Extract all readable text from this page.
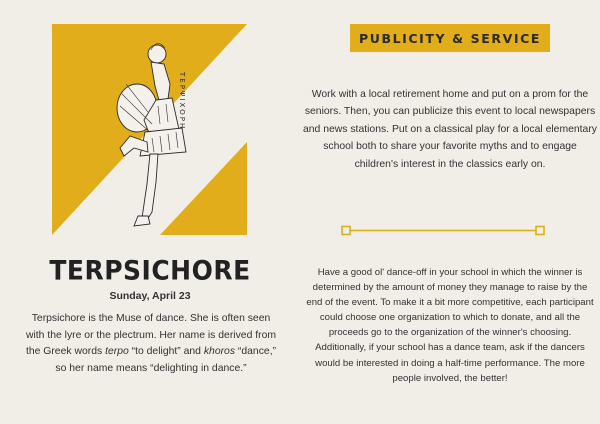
TEPΨIΧOPH
TERPSICHORE
Sunday, April 23
Terpsichore is the Muse of dance. She is often seen
with the lyre or the plectrum. Her name is derived from
the Greek words terpo “to delight” and khoros “dance,”
so her name means “delighting in dance.”
PUBLICITY & SERVICE
Work with a local retirement home and put on a prom for the seniors. Then, you can publicize this event to local newspapers and news stations. Put on a classical play for a local elementary school both to share your favorite myths and to engage children's interest in the classics early on.
Have a good ol' dance-off in your school in which the winner is determined by the amount of money they manage to raise by the end of the event. To make it a bit more competitive, each participant could choose one organization to which to donate, and all the proceeds go to the organization of the winner's choosing. Additionally, if your school has a dance team, ask if the dancers would be interested in doing a half-time performance. The more people involved, the better!
